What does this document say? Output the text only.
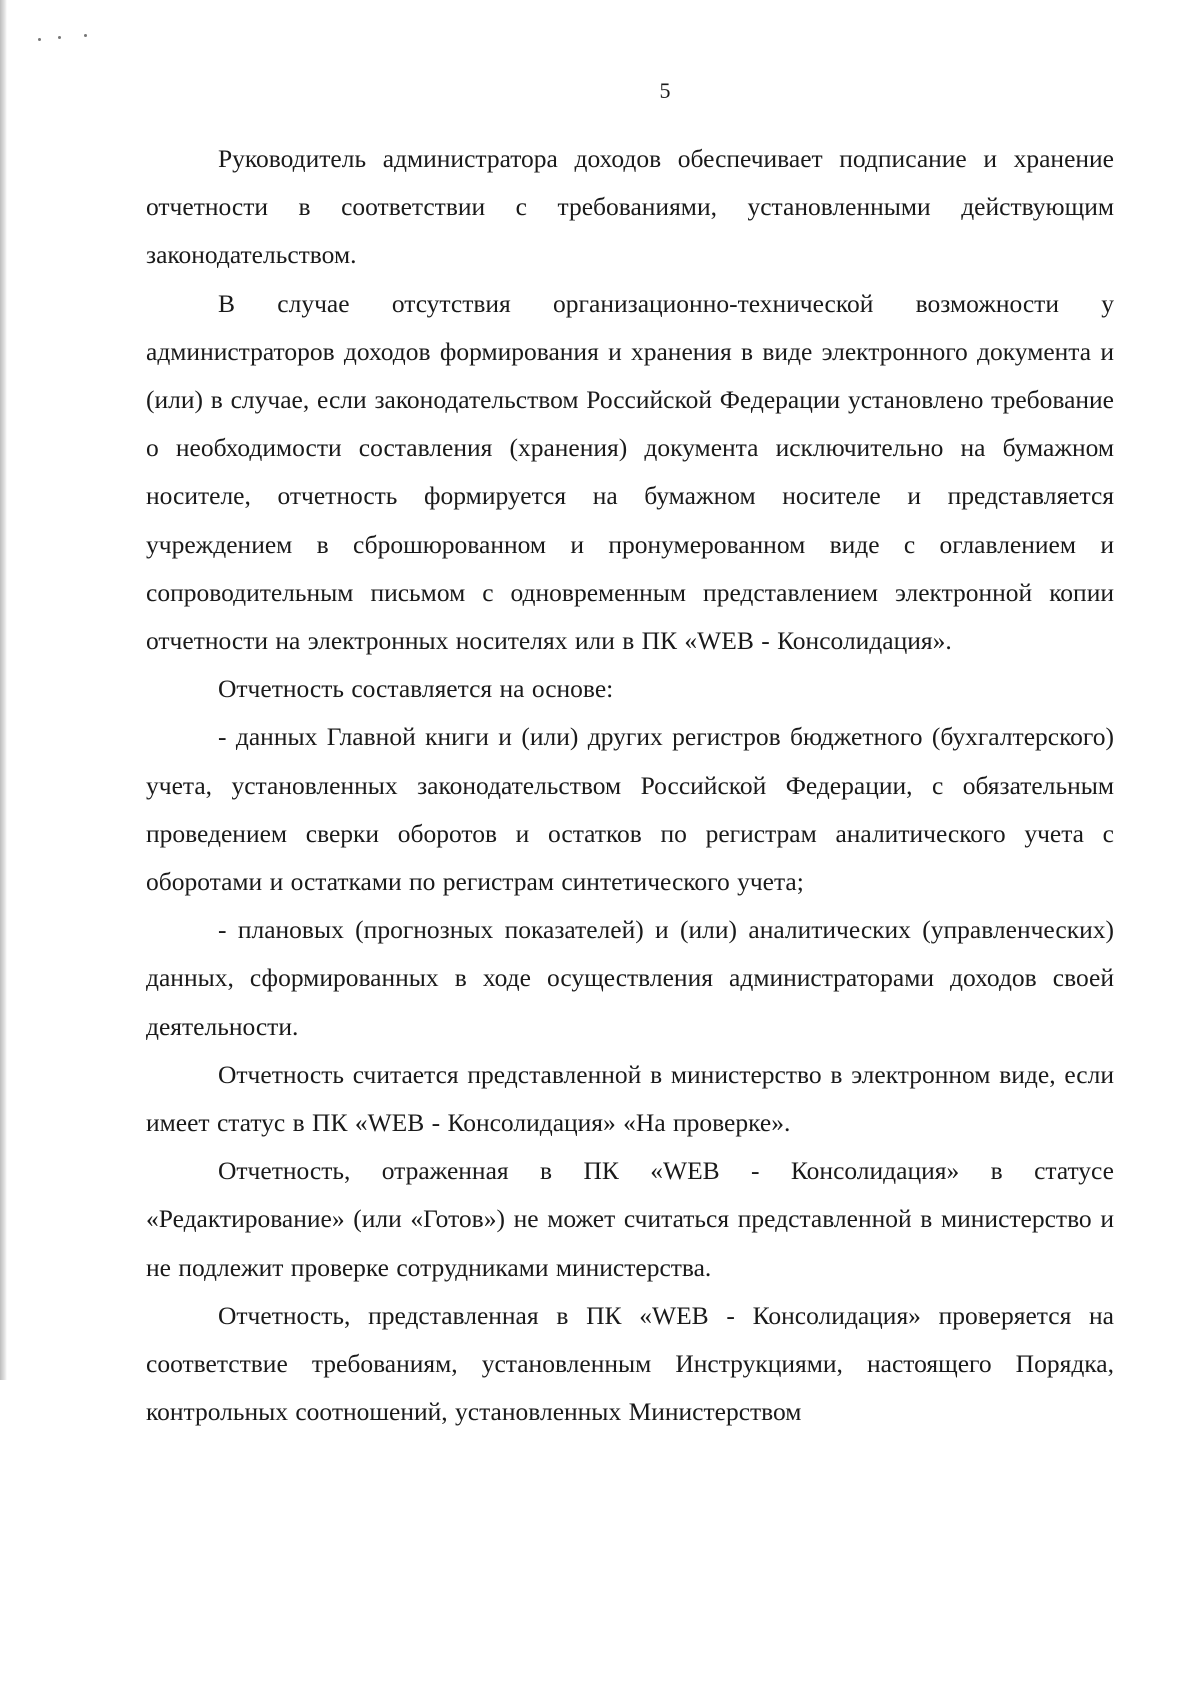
5

Руководитель администратора доходов обеспечивает подписание и хранение отчетности в соответствии с требованиями, установленными действующим законодательством.

В случае отсутствия организационно-технической возможности у администраторов доходов формирования и хранения в виде электронного документа и (или) в случае, если законодательством Российской Федерации установлено требование о необходимости составления (хранения) документа исключительно на бумажном носителе, отчетность формируется на бумажном носителе и представляется учреждением в сброшюрованном и пронумерованном виде с оглавлением и сопроводительным письмом с одновременным представлением электронной копии отчетности на электронных носителях или в ПК «WEB - Консолидация».

Отчетность составляется на основе:

- данных Главной книги и (или) других регистров бюджетного (бухгалтерского) учета, установленных законодательством Российской Федерации, с обязательным проведением сверки оборотов и остатков по регистрам аналитического учета с оборотами и остатками по регистрам синтетического учета;

- плановых (прогнозных показателей) и (или) аналитических (управленческих) данных, сформированных в ходе осуществления администраторами доходов своей деятельности.

Отчетность считается представленной в министерство в электронном виде, если имеет статус в ПК «WEB - Консолидация» «На проверке».

Отчетность, отраженная в ПК «WEB - Консолидация» в статусе «Редактирование» (или «Готов») не может считаться представленной в министерство и не подлежит проверке сотрудниками министерства.

Отчетность, представленная в ПК «WEB - Консолидация» проверяется на соответствие требованиям, установленным Инструкциями, настоящего Порядка, контрольных соотношений, установленных Министерством
